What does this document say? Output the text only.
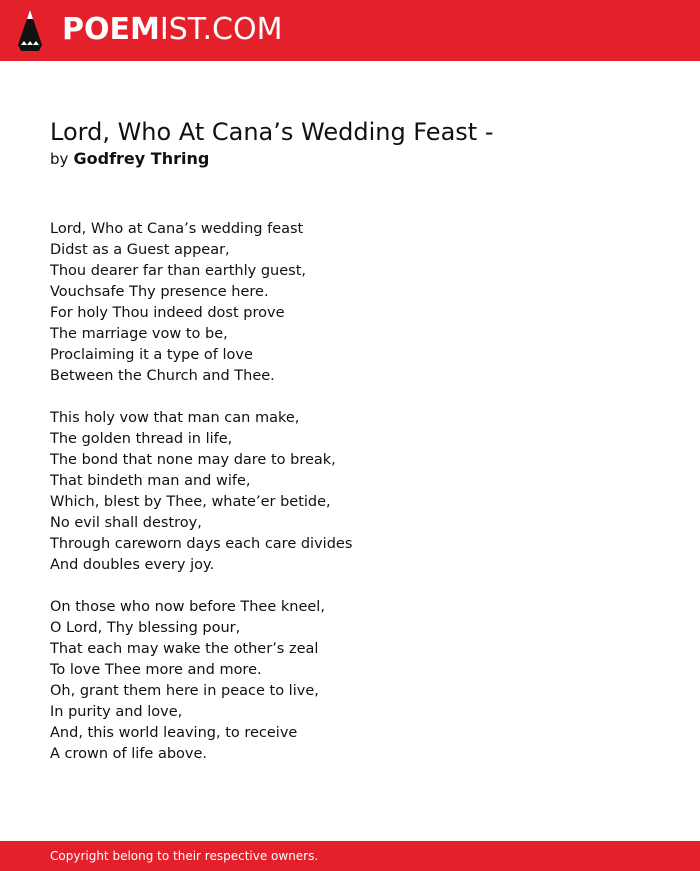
POEMIST.COM
Lord, Who At Cana’s Wedding Feast -
by Godfrey Thring
Lord, Who at Cana’s wedding feast
Didst as a Guest appear,
Thou dearer far than earthly guest,
Vouchsafe Thy presence here.
For holy Thou indeed dost prove
The marriage vow to be,
Proclaiming it a type of love
Between the Church and Thee.
This holy vow that man can make,
The golden thread in life,
The bond that none may dare to break,
That bindeth man and wife,
Which, blest by Thee, whate’er betide,
No evil shall destroy,
Through careworn days each care divides
And doubles every joy.
On those who now before Thee kneel,
O Lord, Thy blessing pour,
That each may wake the other’s zeal
To love Thee more and more.
Oh, grant them here in peace to live,
In purity and love,
And, this world leaving, to receive
A crown of life above.
Copyright belong to their respective owners.
